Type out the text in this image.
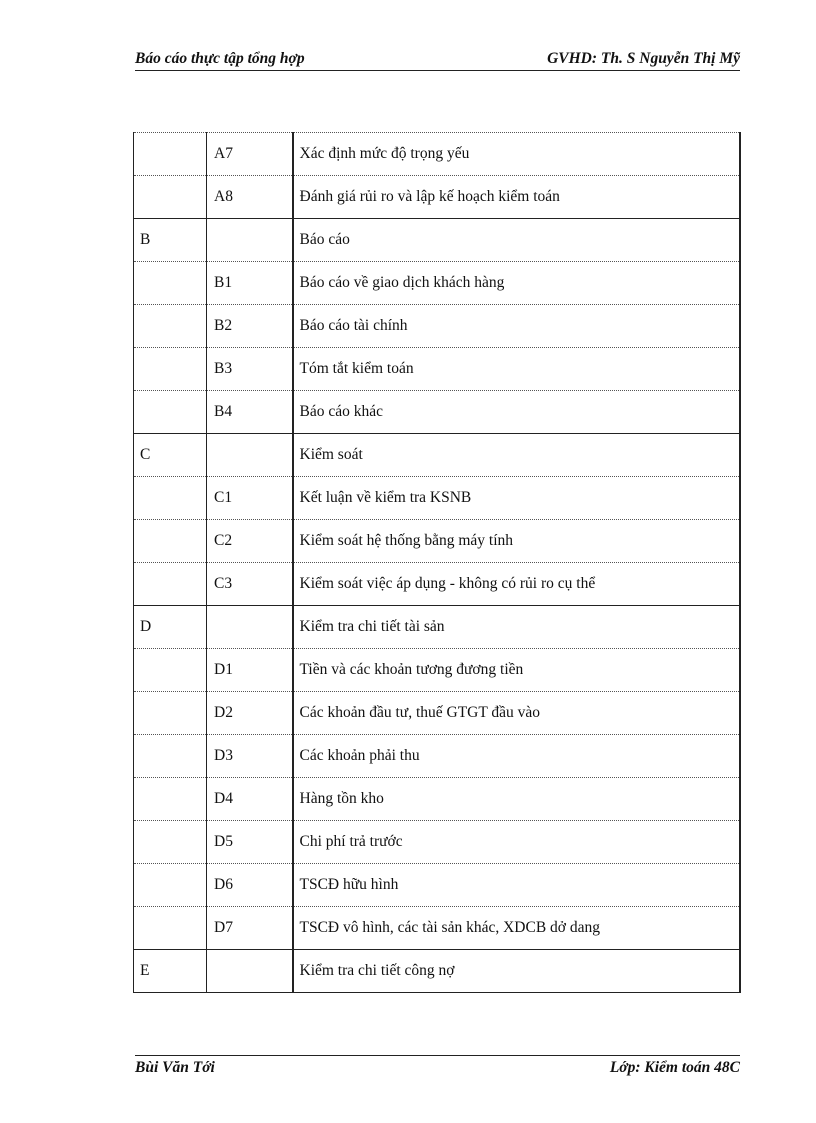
Báo cáo thực tập tổng hợp	GVHD: Th. S Nguyễn Thị Mỹ
	A7	Xác định mức độ trọng yếu
	A8	Đánh giá rủi ro và lập kế hoạch kiểm toán
B		Báo cáo
	B1	Báo cáo về giao dịch khách hàng
	B2	Báo cáo tài chính
	B3	Tóm tắt kiểm toán
	B4	Báo cáo khác
C		Kiểm soát
	C1	Kết luận về kiểm tra KSNB
	C2	Kiểm soát hệ thống bằng máy tính
	C3	Kiểm soát việc áp dụng - không có rủi ro cụ thể
D		Kiểm tra chi tiết tài sản
	D1	Tiền và các khoản tương đương tiền
	D2	Các khoản đầu tư, thuế GTGT đầu vào
	D3	Các khoản phải thu
	D4	Hàng tồn kho
	D5	Chi phí trả trước
	D6	TSCĐ hữu hình
	D7	TSCĐ vô hình, các tài sản khác, XDCB dở dang
E		Kiểm tra chi tiết công nợ
Bùi Văn Tới	Lớp: Kiểm toán 48C
